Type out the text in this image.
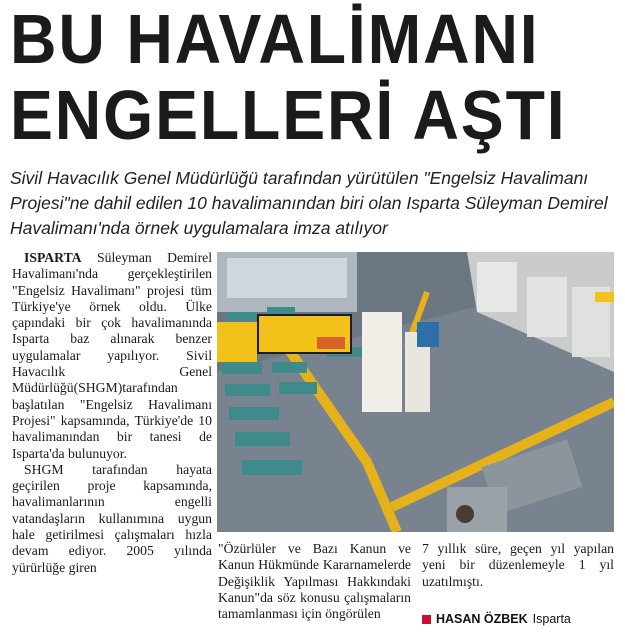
BU HAVALİMANI
ENGELLERİ AŞTI
Sivil Havacılık Genel Müdürlüğü tarafından yürütülen "Engelsiz Havalimanı Projesi"ne dahil edilen 10 havalimanından biri olan Isparta Süleyman Demirel Havalimanı'nda örnek uygulamalara imza atılıyor

ISPARTA Süleyman Demirel Havalimanı'nda gerçekleştirilen "Engelsiz Havalimanı" projesi tüm Türkiye'ye örnek oldu. Ülke çapındaki bir çok havalimanında Isparta baz alınarak benzer uygulamalar yapılıyor. Sivil Havacılık Genel Müdürlüğü(SHGM)tarafından başlatılan "Engelsiz Havalimanı Projesi" kapsamında, Türkiye'de 10 havalimanından bir tanesi de Isparta'da bulunuyor.

SHGM tarafından hayata geçirilen proje kapsamında, havalimanlarının engelli vatandaşların kullanımına uygun hale getirilmesi çalışmaları hızla devam ediyor. 2005 yılında yürürlüğe giren

"Özürlüler ve Bazı Kanun ve Kanun Hükmünde Kararnamelerde Değişiklik Yapılması Hakkındaki Kanun"da söz konusu çalışmaların tamamlanması için öngörülen

7 yıllık süre, geçen yıl yapılan yeni bir düzenlemeyle 1 yıl uzatılmıştı.

HASAN ÖZBEK Isparta
